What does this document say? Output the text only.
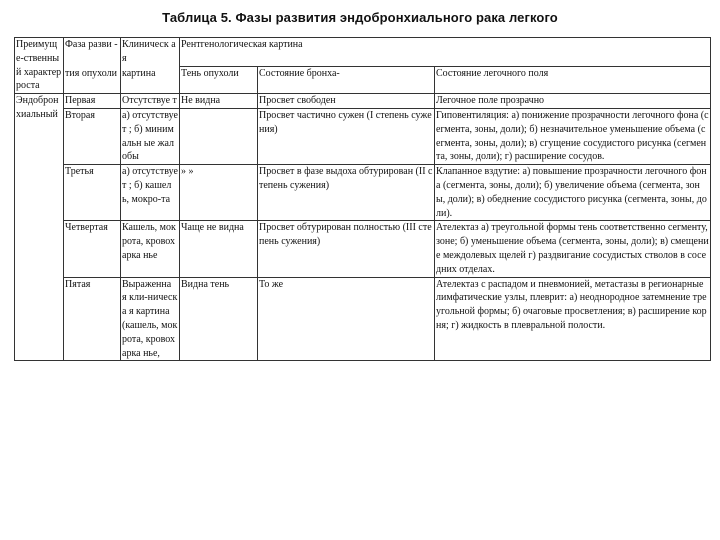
Таблица 5. Фазы развития эндобронхиального рака легкого
Преимущ е-ственны й характер роста	Фаза разви -	Клиническ ая	Рентгенологическая картина		
	тия опухоли	картина	Тень опухоли	Состояние бронха-	Состояние легочного поля
Эндоброн хиальный	Первая	Отсутствуе т	Не видна	Просвет свободен	Легочное поле прозрачно
	Вторая	а) отсутствует ; б) минимальн ые жалобы		Просвет частично сужен (I степень сужения)	Гиповентиляция: а) понижение прозрачности легочного фона (сегмента, зоны, доли); б) незначительное уменьшение объема (сегмента, зоны, доли); в) сгущение сосудистого рисунка (сегмента, зоны, доли); г) расширение сосудов.
	Третья	а) отсутствует ; б) кашель, мокро-та	» »	Просвет в фазе выдоха обтурирован (II степень сужения)	Клапанное вздутие: а) повышение прозрачности легочного фона (сегмента, зоны, доли); б) увеличение объема (сегмента, зоны, доли); в) обеднение сосудистого рисунка (сегмента, зоны, доли).
	Четвертая	Кашель, мокрота, кровохарка нье	Чаще не видна	Просвет обтурирован полностью (III степень сужения)	Ателектаз а) треугольной формы тень соответственно сегменту, зоне; б) уменьшение объема (сегмента, зоны, доли); в) смещение междолевых щелей г) раздвигание сосудистых стволов в соседних отделах.
	Пятая	Выраженна я кли-ническа я картина (кашель, мокрота, кровохарка нье,	Видна тень	То же	Ателектаз с распадом и пневмонией, метастазы в регионарные лимфатические узлы, плеврит: а) неоднородное затемнение треугольной формы; б) очаговые просветления; в) расширение корня; г) жидкость в плевральной полости.
